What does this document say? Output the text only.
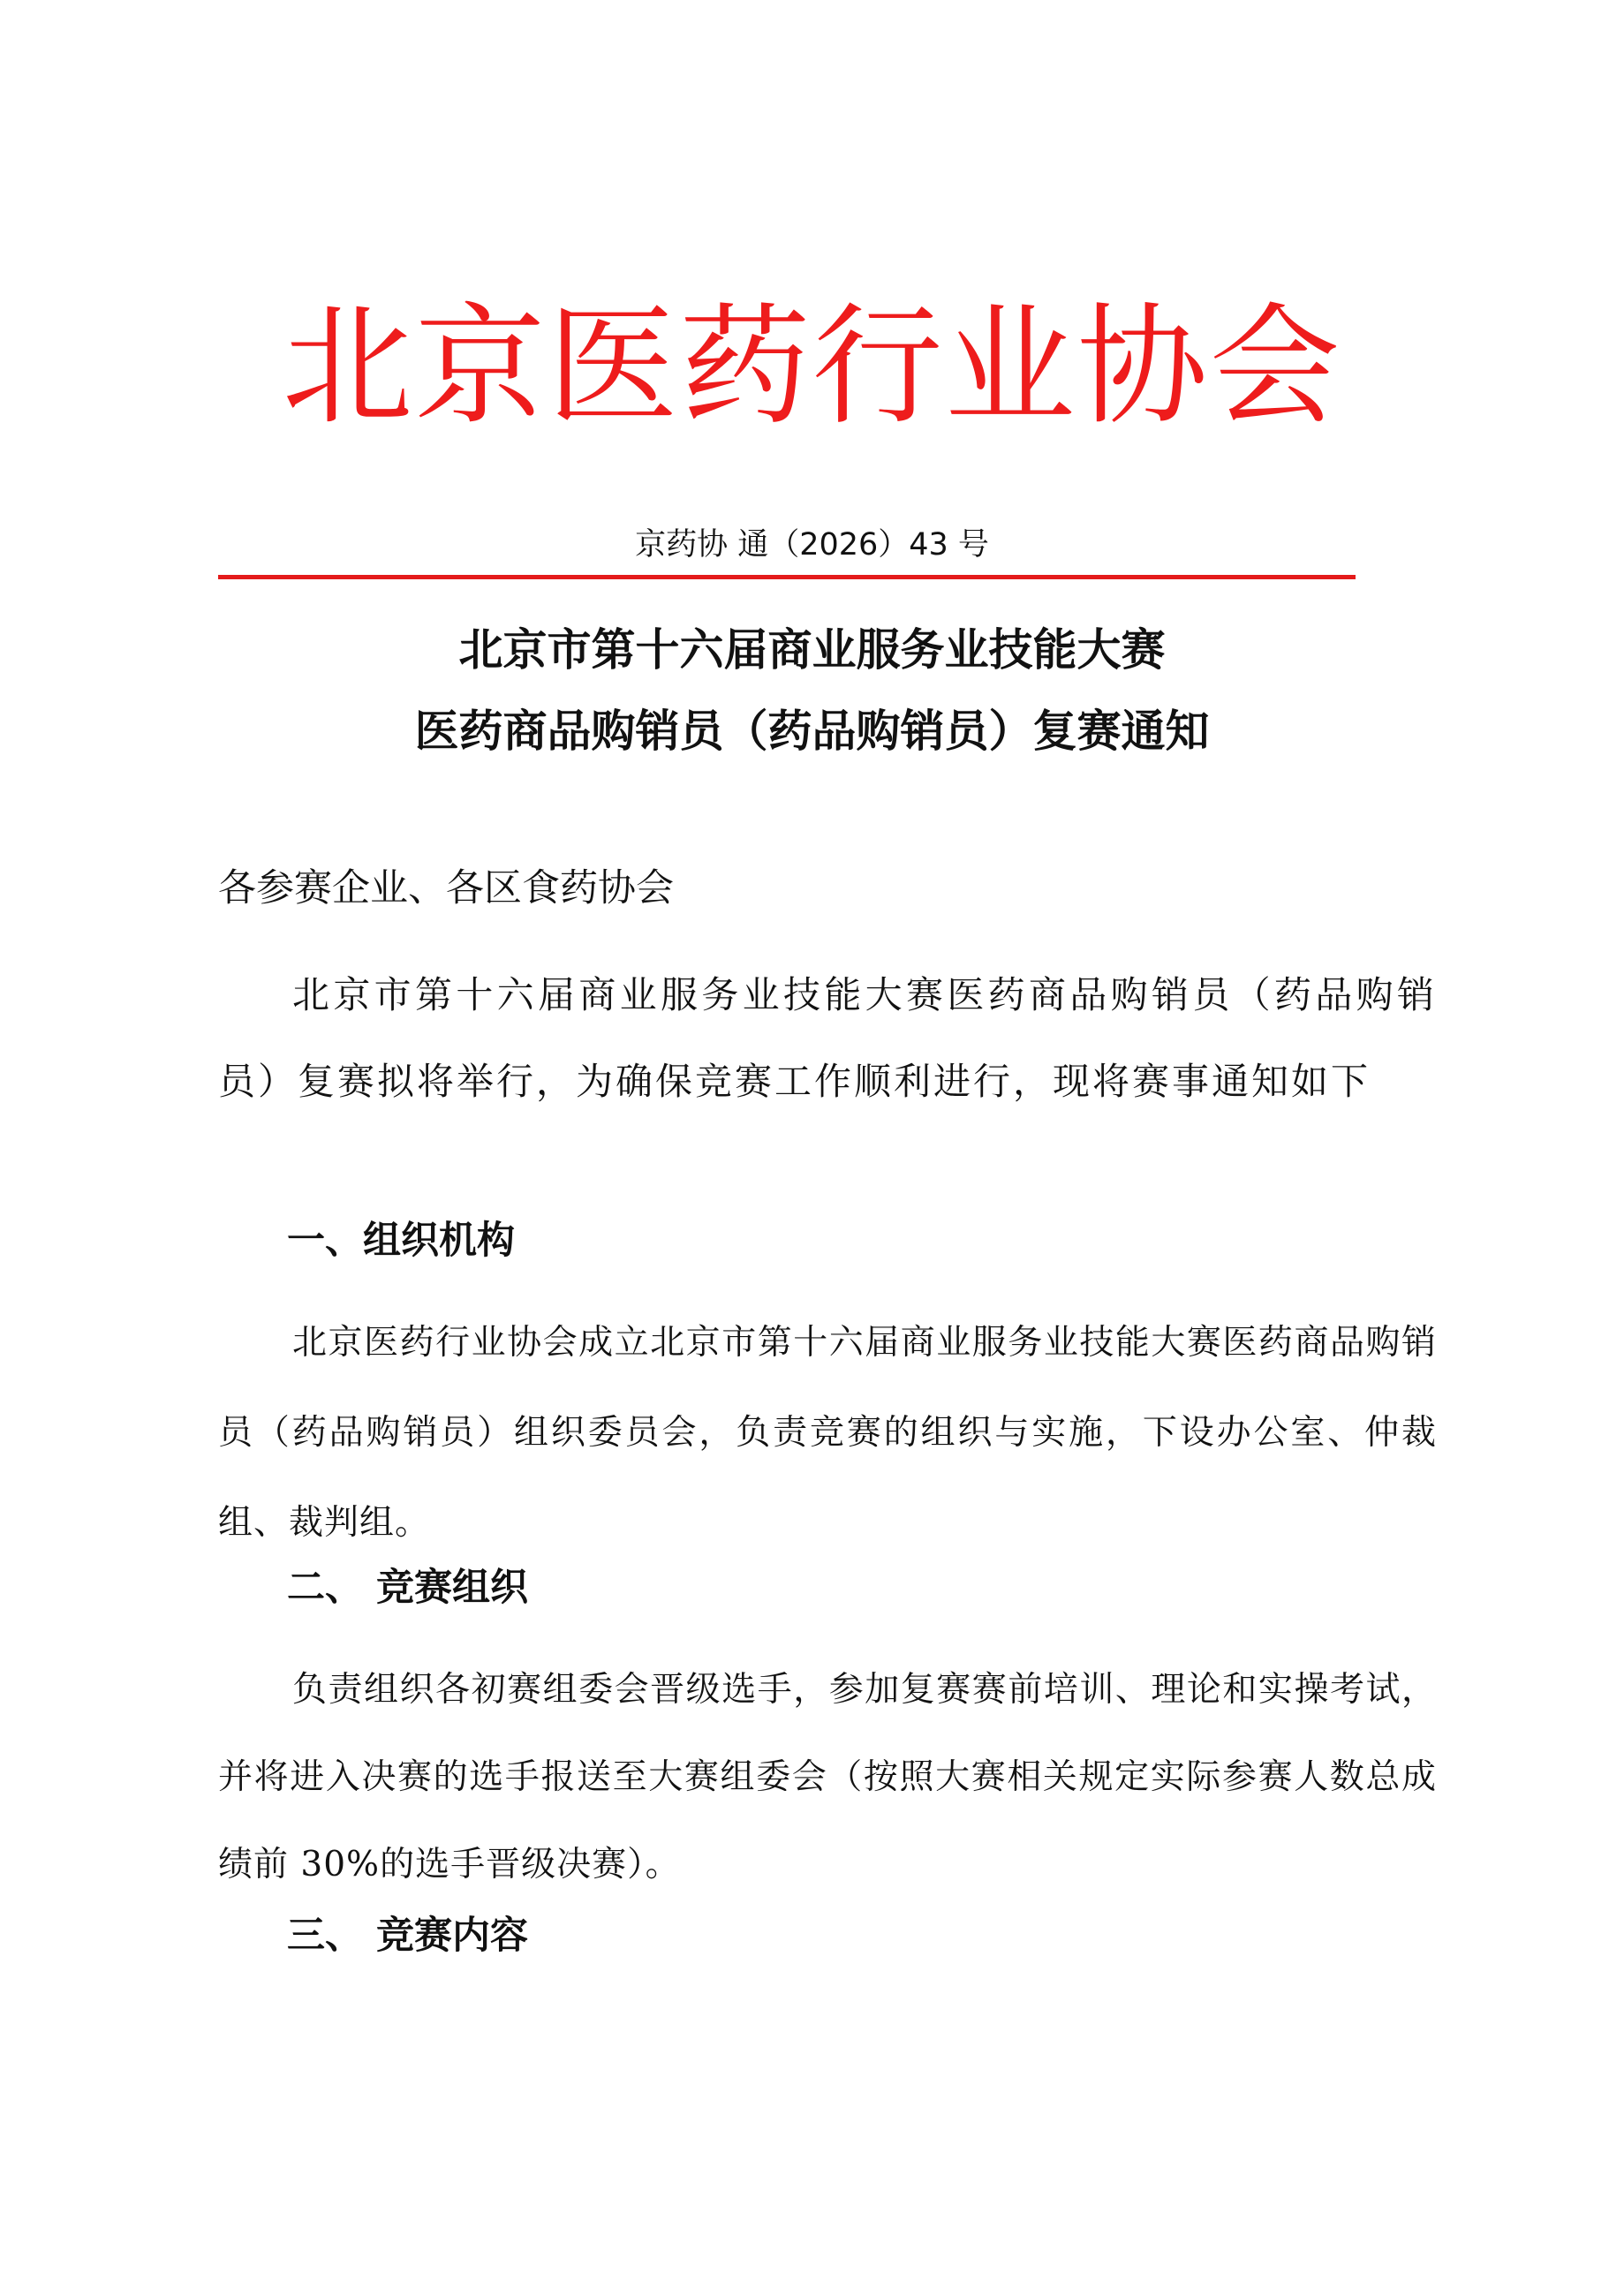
北京医药行业协会
京药协 通（2026）43 号
北京市第十六届商业服务业技能大赛
医药商品购销员（药品购销员）复赛通知
各参赛企业、各区食药协会

北京市第十六届商业服务业技能大赛医药商品购销员（药品购销员）复赛拟将举行，为确保竞赛工作顺利进行，现将赛事通知如下

一、组织机构

北京医药行业协会成立北京市第十六届商业服务业技能大赛医药商品购销员（药品购销员）组织委员会，负责竞赛的组织与实施，下设办公室、仲裁组、裁判组。

二、 竞赛组织

负责组织各初赛组委会晋级选手，参加复赛赛前培训、理论和实操考试，并将进入决赛的选手报送至大赛组委会（按照大赛相关规定实际参赛人数总成绩前 30%的选手晋级决赛）。

三、 竞赛内容
